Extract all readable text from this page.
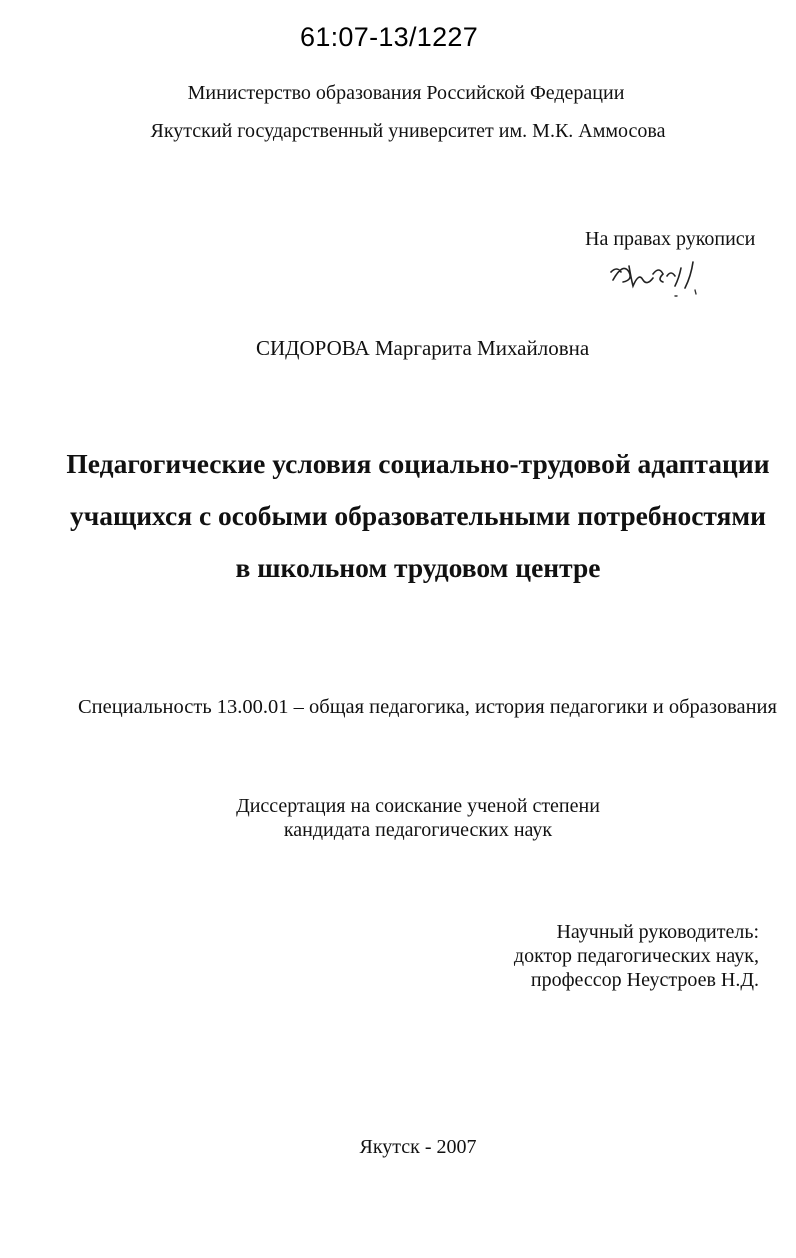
61:07-13/1227
Министерство образования Российской Федерации
Якутский государственный университет им. М.К. Аммосова
На правах рукописи
СИДОРОВА Маргарита Михайловна
Педагогические условия социально-трудовой адаптации
учащихся с особыми образовательными потребностями
в школьном трудовом центре
Специальность 13.00.01 – общая педагогика, история педагогики и образования
Диссертация на соискание ученой степени
кандидата педагогических наук
Научный руководитель:
доктор педагогических наук,
профессор Неустроев Н.Д.
Якутск - 2007
